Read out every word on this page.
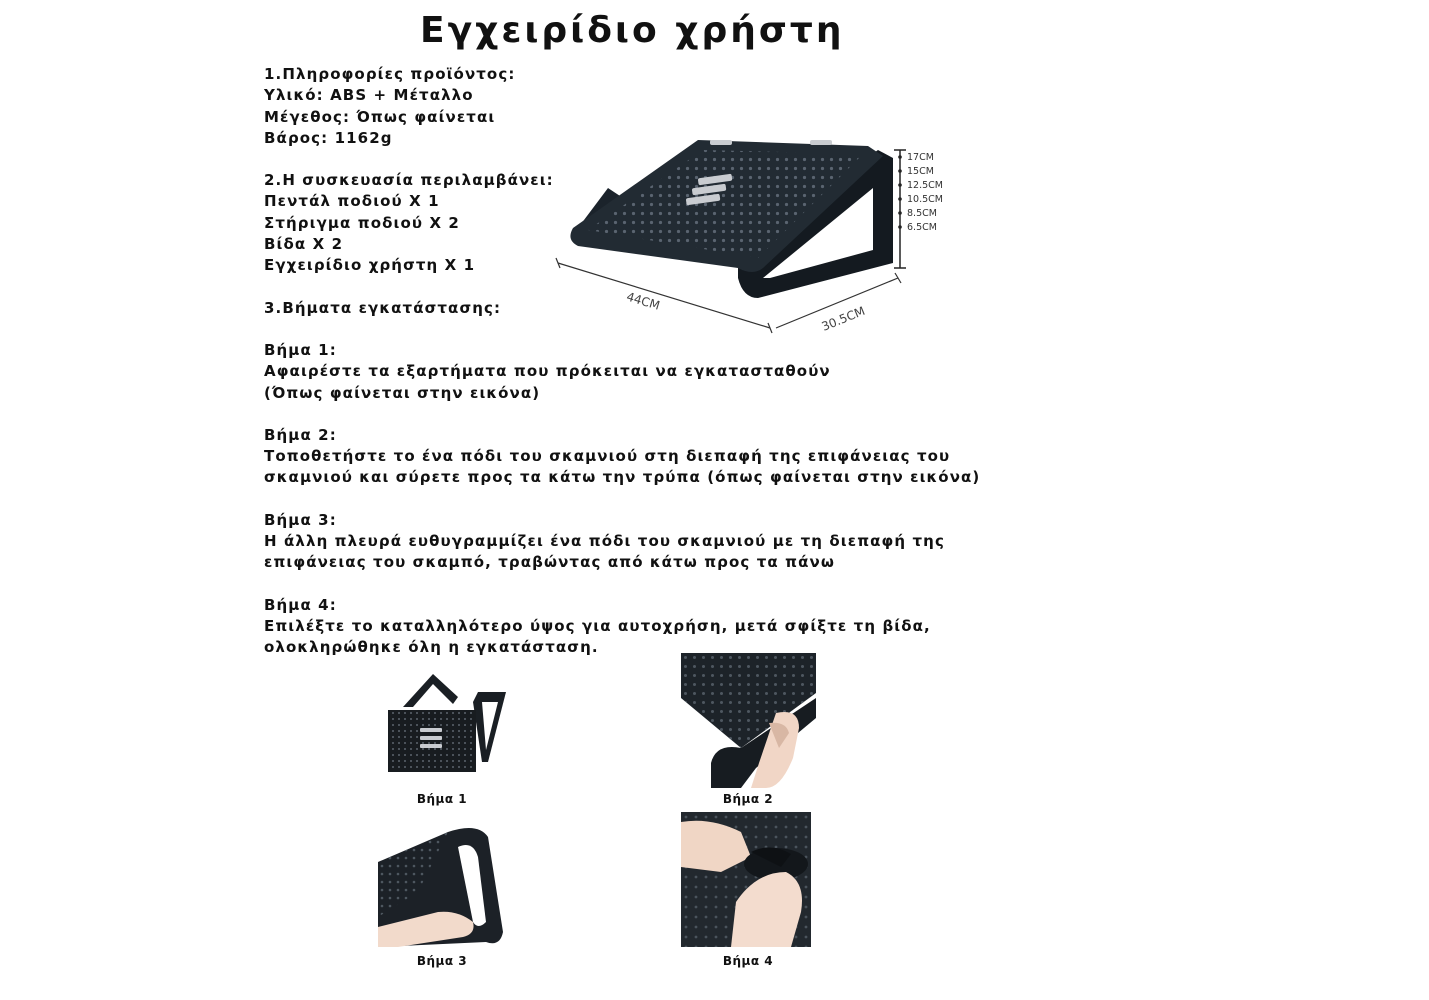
Εγχειρίδιο χρήστη
1.Πληροφορίες προϊόντος:
Υλικό: ABS + Μέταλλο
Μέγεθος: Όπως φαίνεται
Βάρος: 1162g
2.Η συσκευασία περιλαμβάνει:
Πεντάλ ποδιού X 1
Στήριγμα ποδιού X 2
Βίδα X 2
Εγχειρίδιο χρήστη X 1
3.Βήματα εγκατάστασης:
Βήμα 1:
Αφαιρέστε τα εξαρτήματα που πρόκειται να εγκατασταθούν
(Όπως φαίνεται στην εικόνα)
Βήμα 2:
Τοποθετήστε το ένα πόδι του σκαμνιού στη διεπαφή της επιφάνειας του
σκαμνιού και σύρετε προς τα κάτω την τρύπα (όπως φαίνεται στην εικόνα)
Βήμα 3:
Η άλλη πλευρά ευθυγραμμίζει ένα πόδι του σκαμνιού με τη διεπαφή της
επιφάνειας του σκαμπό, τραβώντας από κάτω προς τα πάνω
Βήμα 4:
Επιλέξτε το καταλληλότερο ύψος για αυτοχρήση, μετά σφίξτε τη βίδα,
ολοκληρώθηκε όλη η εγκατάσταση.
17CM
15CM
12.5CM
10.5CM
8.5CM
6.5CM
44CM
30.5CM
Βήμα 1	Βήμα 2
Βήμα 3	Βήμα 4
